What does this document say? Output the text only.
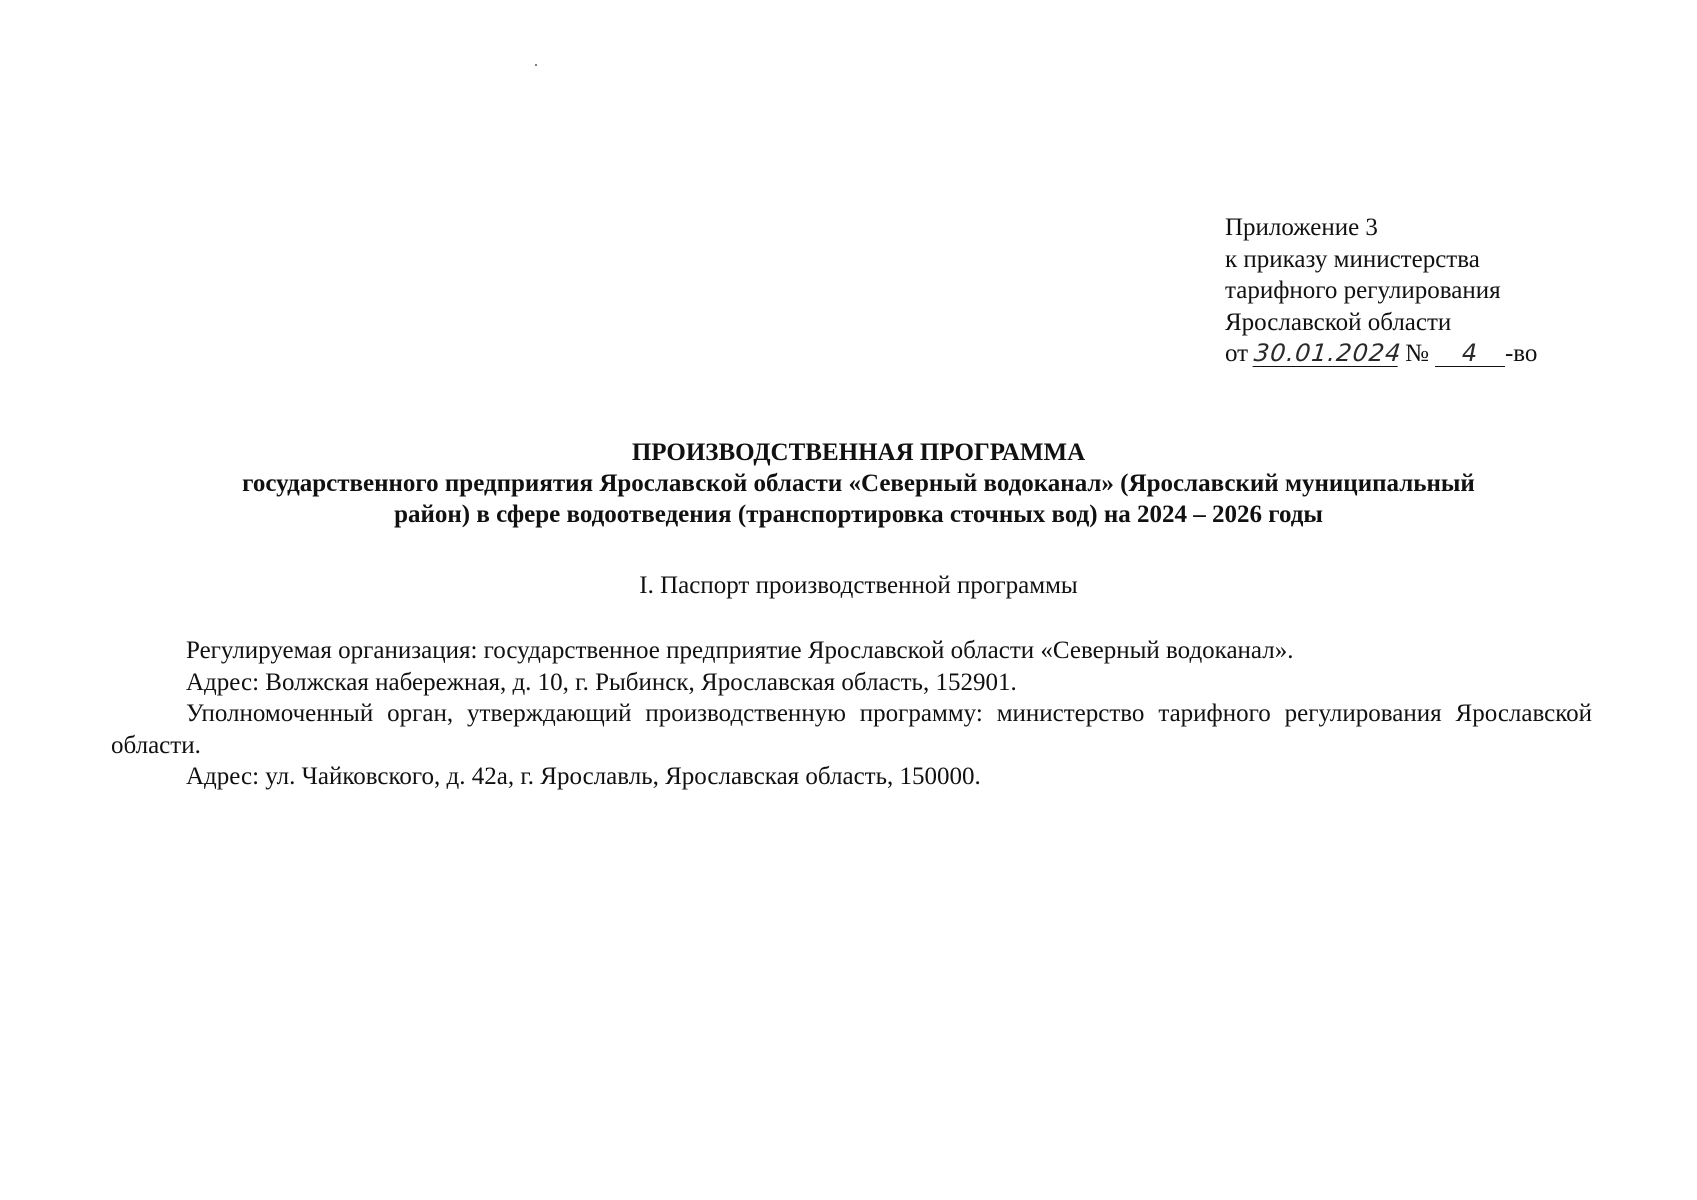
Приложение 3
к приказу министерства
тарифного регулирования
Ярославской области
от 30.01.2024№ 4 -во
ПРОИЗВОДСТВЕННАЯ ПРОГРАММА
государственного предприятия Ярославской области «Северный водоканал» (Ярославский муниципальный
район) в сфере водоотведения (транспортировка сточных вод) на 2024 – 2026 годы
I. Паспорт производственной программы

Регулируемая организация: государственное предприятие Ярославской области «Северный водоканал».

Адрес: Волжская набережная, д. 10, г. Рыбинск, Ярославская область, 152901.

Уполномоченный орган, утверждающий производственную программу: министерство тарифного регулирования Ярославской области.

Адрес: ул. Чайковского, д. 42а, г. Ярославль, Ярославская область, 150000.
